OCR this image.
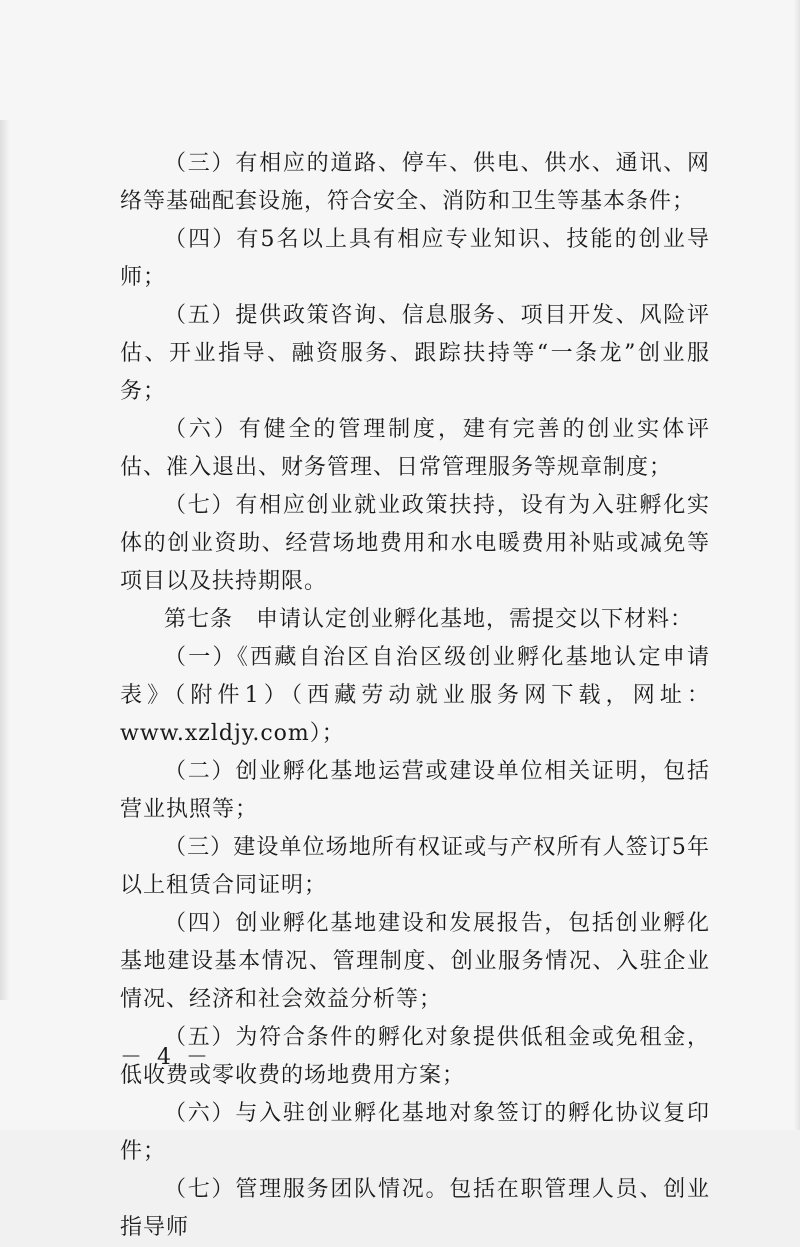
（三）有相应的道路、停车、供电、供水、通讯、网络等基础配套设施，符合安全、消防和卫生等基本条件；

（四）有5名以上具有相应专业知识、技能的创业导师；

（五）提供政策咨询、信息服务、项目开发、风险评估、开业指导、融资服务、跟踪扶持等“一条龙”创业服务；

（六）有健全的管理制度，建有完善的创业实体评估、准入退出、财务管理、日常管理服务等规章制度；

（七）有相应创业就业政策扶持，设有为入驻孵化实体的创业资助、经营场地费用和水电暖费用补贴或减免等项目以及扶持期限。

第七条　申请认定创业孵化基地，需提交以下材料：

（一）《西藏自治区自治区级创业孵化基地认定申请表》（附件1）（西藏劳动就业服务网下载，网址：www.xzldjy.com）；

（二）创业孵化基地运营或建设单位相关证明，包括营业执照等；

（三）建设单位场地所有权证或与产权所有人签订5年以上租赁合同证明；

（四）创业孵化基地建设和发展报告，包括创业孵化基地建设基本情况、管理制度、创业服务情况、入驻企业情况、经济和社会效益分析等；

（五）为符合条件的孵化对象提供低租金或免租金，低收费或零收费的场地费用方案；

（六）与入驻创业孵化基地对象签订的孵化协议复印件；

（七）管理服务团队情况。包括在职管理人员、创业指导师

－ 4 －
